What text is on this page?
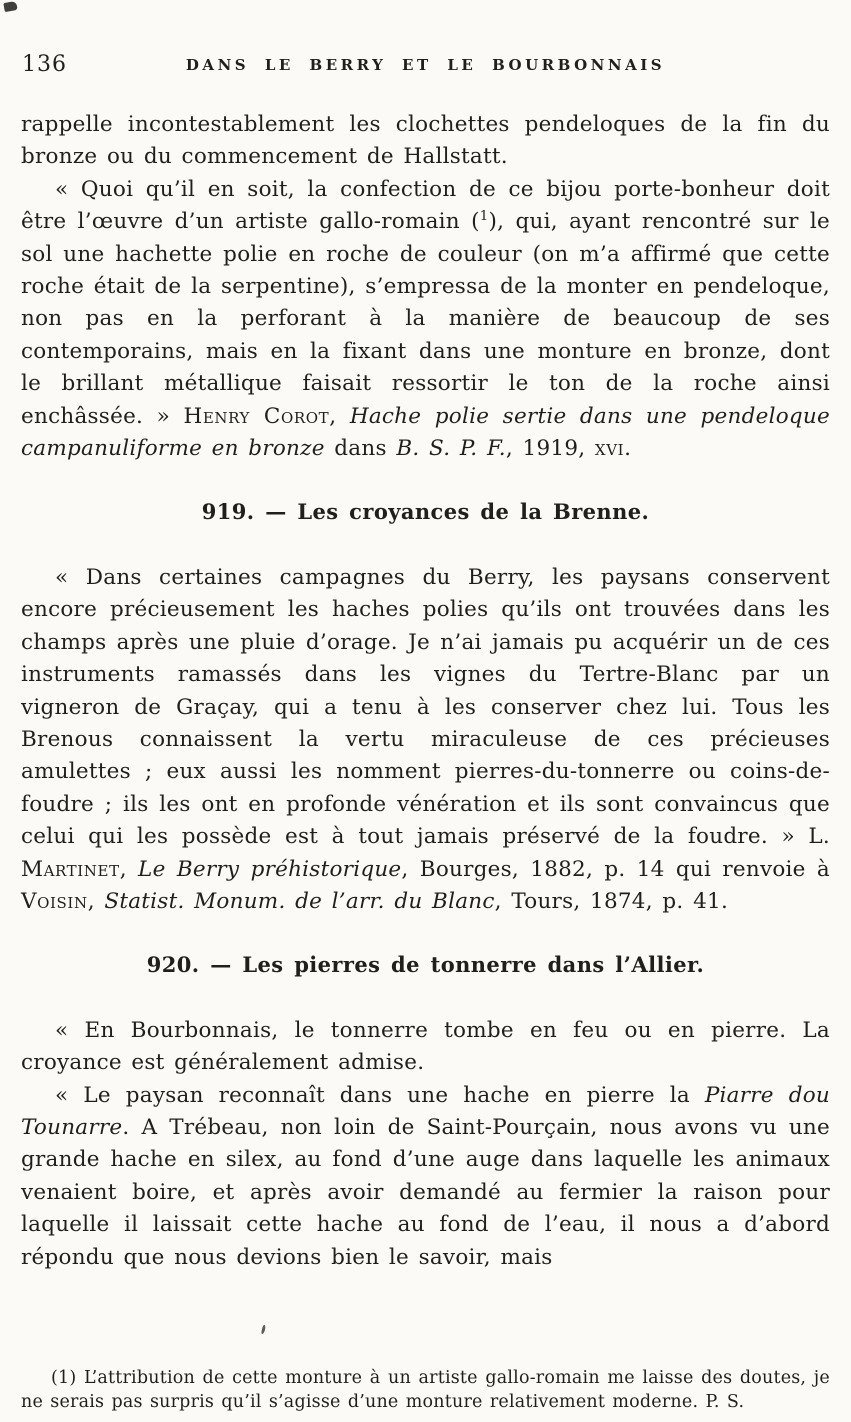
136	DANS LE BERRY ET LE BOURBONNAIS

rappelle incontestablement les clochettes pendeloques de la fin du bronze ou du commencement de Hallstatt.

« Quoi qu’il en soit, la confection de ce bijou porte-bonheur doit être l’œuvre d’un artiste gallo-romain ($^1$), qui, ayant rencontré sur le sol une hachette polie en roche de couleur (on m’a affirmé que cette roche était de la serpentine), s’empressa de la monter en pendeloque, non pas en la perforant à la manière de beaucoup de ses contemporains, mais en la fixant dans une monture en bronze, dont le brillant métallique faisait ressortir le ton de la roche ainsi enchâssée. » Henry Corot, Hache polie sertie dans une pendeloque campanuliforme en bronze dans B. S. P. F., 1919, xvi.

919. — Les croyances de la Brenne.

« Dans certaines campagnes du Berry, les paysans conservent encore précieusement les haches polies qu’ils ont trouvées dans les champs après une pluie d’orage. Je n’ai jamais pu acquérir un de ces instruments ramassés dans les vignes du Tertre-Blanc par un vigneron de Graçay, qui a tenu à les conserver chez lui. Tous les Brenous connaissent la vertu miraculeuse de ces précieuses amulettes ; eux aussi les nomment pierres-du-tonnerre ou coins-de-foudre ; ils les ont en profonde vénération et ils sont convaincus que celui qui les possède est à tout jamais préservé de la foudre. » L. Martinet, Le Berry préhistorique, Bourges, 1882, p. 14 qui renvoie à Voisin, Statist. Monum. de l’arr. du Blanc, Tours, 1874, p. 41.

920. — Les pierres de tonnerre dans l’Allier.

« En Bourbonnais, le tonnerre tombe en feu ou en pierre. La croyance est généralement admise.

« Le paysan reconnaît dans une hache en pierre la Piarre dou Tounarre. A Trébeau, non loin de Saint-Pourçain, nous avons vu une grande hache en silex, au fond d’une auge dans laquelle les animaux venaient boire, et après avoir demandé au fermier la raison pour laquelle il laissait cette hache au fond de l’eau, il nous a d’abord répondu que nous devions bien le savoir, mais

(1) L’attribution de cette monture à un artiste gallo-romain me laisse des doutes, je ne serais pas surpris qu’il s’agisse d’une monture relativement moderne. P. S.
